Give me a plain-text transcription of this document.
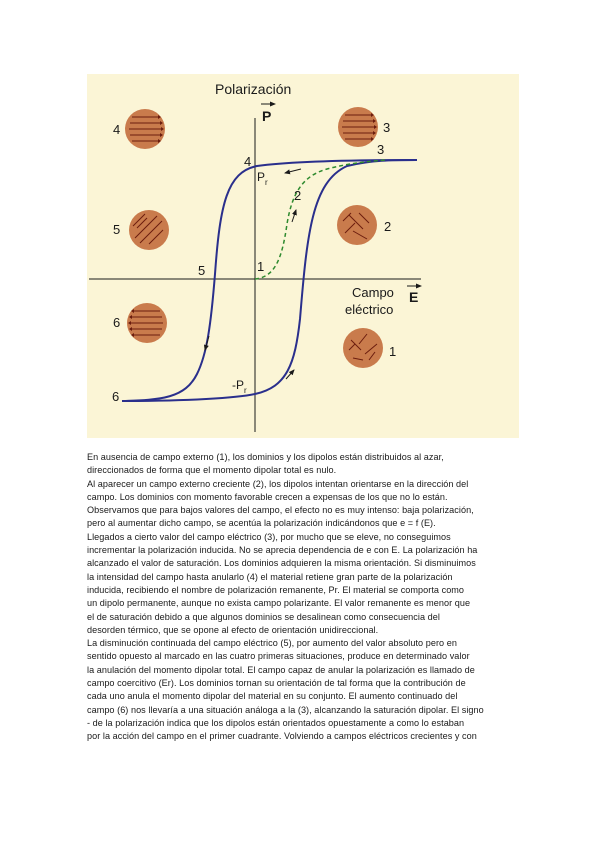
Polarización
P
Campo
eléctrico
E
1
2
3
4
5
6
$P_r$
$-P_r$
4	3
5	2
6
1

En ausencia de campo externo (1), los dominios y los dipolos están distribuidos al azar,

direccionados de forma que el momento dipolar total es nulo.

Al aparecer un campo externo creciente (2), los dipolos intentan orientarse en la dirección del

campo. Los dominios con momento favorable crecen a expensas de los que no lo están.

Observamos que para bajos valores del campo, el efecto no es muy intenso: baja polarización,

pero al aumentar dicho campo, se acentúa la polarización indicándonos que e = f (E).

Llegados a cierto valor del campo eléctrico (3), por mucho que se eleve, no conseguimos

incrementar la polarización inducida. No se aprecia dependencia de e con E. La polarización ha

alcanzado el valor de saturación. Los dominios adquieren la misma orientación. Si disminuimos

la intensidad del campo hasta anularlo (4) el material retiene gran parte de la polarización

inducida, recibiendo el nombre de polarización remanente, Pr. El material se comporta como

un dipolo permanente, aunque no exista campo polarizante. El valor remanente es menor que

el de saturación debido a que algunos dominios se desalinean como consecuencia del

desorden térmico, que se opone al efecto de orientación unidireccional.

La disminución continuada del campo eléctrico (5), por aumento del valor absoluto pero en

sentido opuesto al marcado en las cuatro primeras situaciones, produce en determinado valor

la anulación del momento dipolar total. El campo capaz de anular la polarización es llamado de

campo coercitivo (Er). Los dominios tornan su orientación de tal forma que la contribución de

cada uno anula el momento dipolar del material en su conjunto. El aumento continuado del

campo (6) nos llevaría a una situación análoga a la (3), alcanzando la saturación dipolar. El signo

- de la polarización indica que los dipolos están orientados opuestamente a como lo estaban

por la acción del campo en el primer cuadrante. Volviendo a campos eléctricos crecientes y con
